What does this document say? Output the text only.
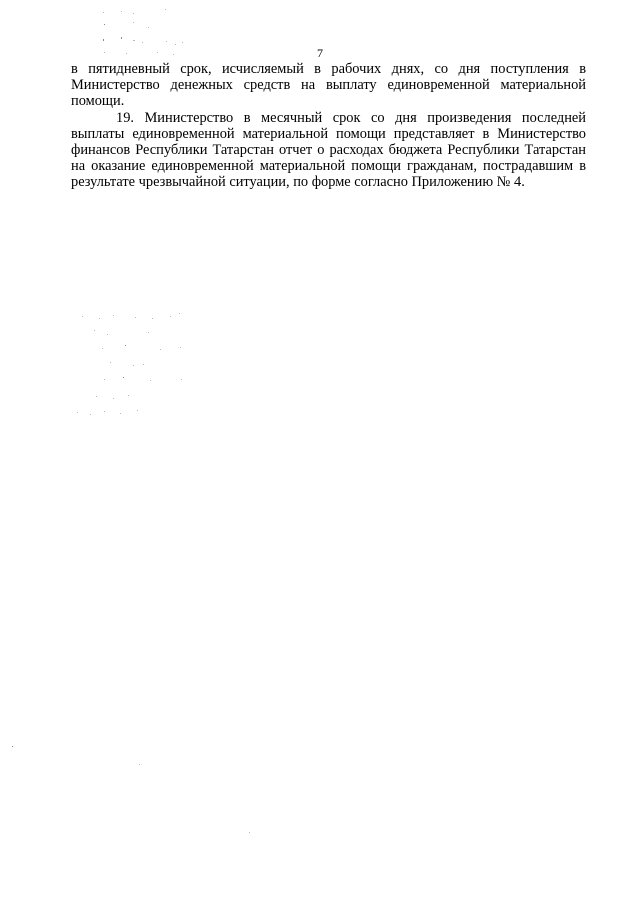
7

в пятидневный срок, исчисляемый в рабочих днях, со дня поступления в Министерство денежных средств на выплату единовременной материальной помощи.

19. Министерство в месячный срок со дня произведения последней выплаты единовременной материальной помощи представляет в Министерство финансов Республики Татарстан отчет о расходах бюджета Республики Татарстан на оказание единовременной материальной помощи гражданам, пострадавшим в результате чрезвычайной ситуации, по форме согласно Приложению № 4.
